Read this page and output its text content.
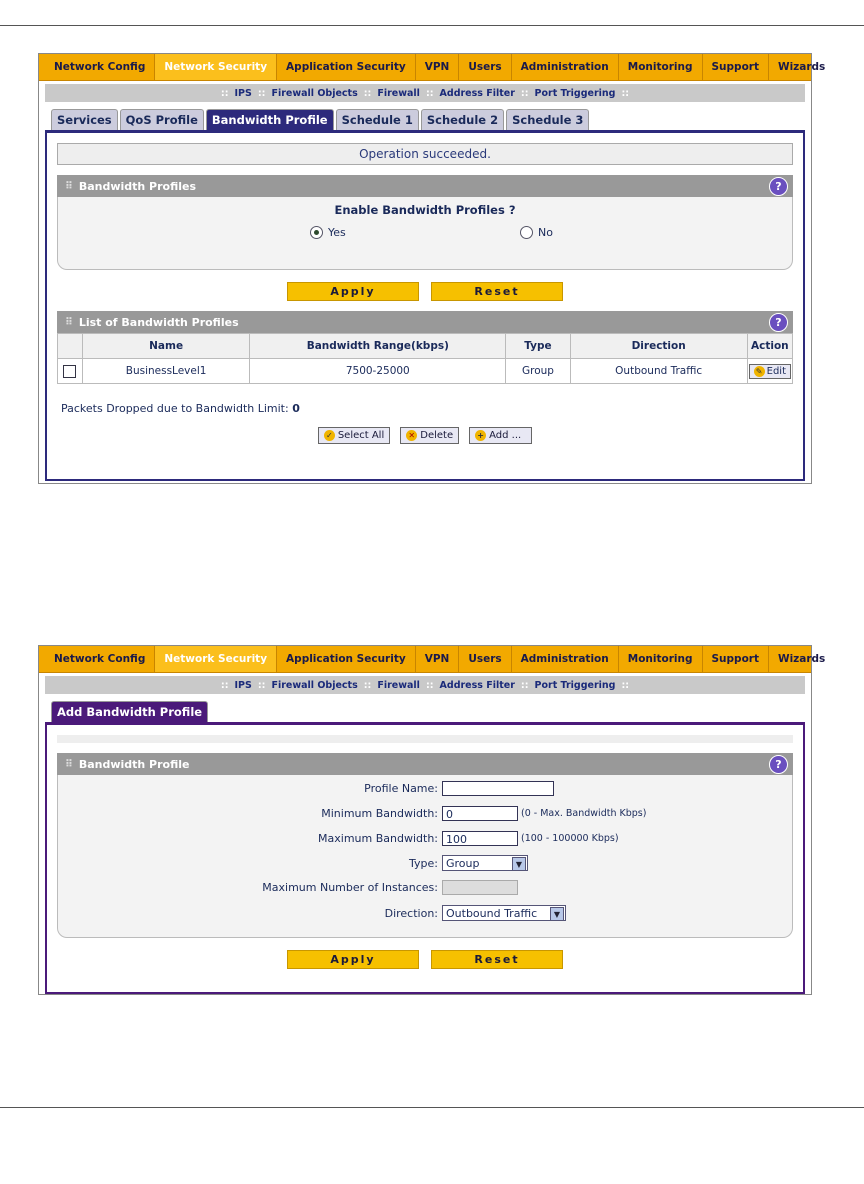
Network Config	Network Security	Application Security	VPN	Users	Administration	Monitoring	Support	Wizards
:: IPS :: Firewall Objects :: Firewall :: Address Filter :: Port Triggering ::
Services	QoS Profile	Bandwidth Profile	Schedule 1	Schedule 2	Schedule 3
Operation succeeded.
⠿ Bandwidth Profiles	?
Enable Bandwidth Profiles ?
Yes	No
Apply	Reset
⠿ List of Bandwidth Profiles	?
	Name	Bandwidth Range(kbps)	Type	Direction	Action
	BusinessLevel1	7500-25000	Group	Outbound Traffic	✎ Edit
Packets Dropped due to Bandwidth Limit: 0
✓ Select All	✕ Delete	+ Add ...
Network Config	Network Security	Application Security	VPN	Users	Administration	Monitoring	Support	Wizards
:: IPS :: Firewall Objects :: Firewall :: Address Filter :: Port Triggering ::
Add Bandwidth Profile
⠿ Bandwidth Profile	?
Profile Name:
Minimum Bandwidth: 0	(0 - Max. Bandwidth Kbps)
Maximum Bandwidth: 100	(100 - 100000 Kbps)
Type: Group	▼
Maximum Number of Instances:
Direction: Outbound Traffic	▼
Apply	Reset
